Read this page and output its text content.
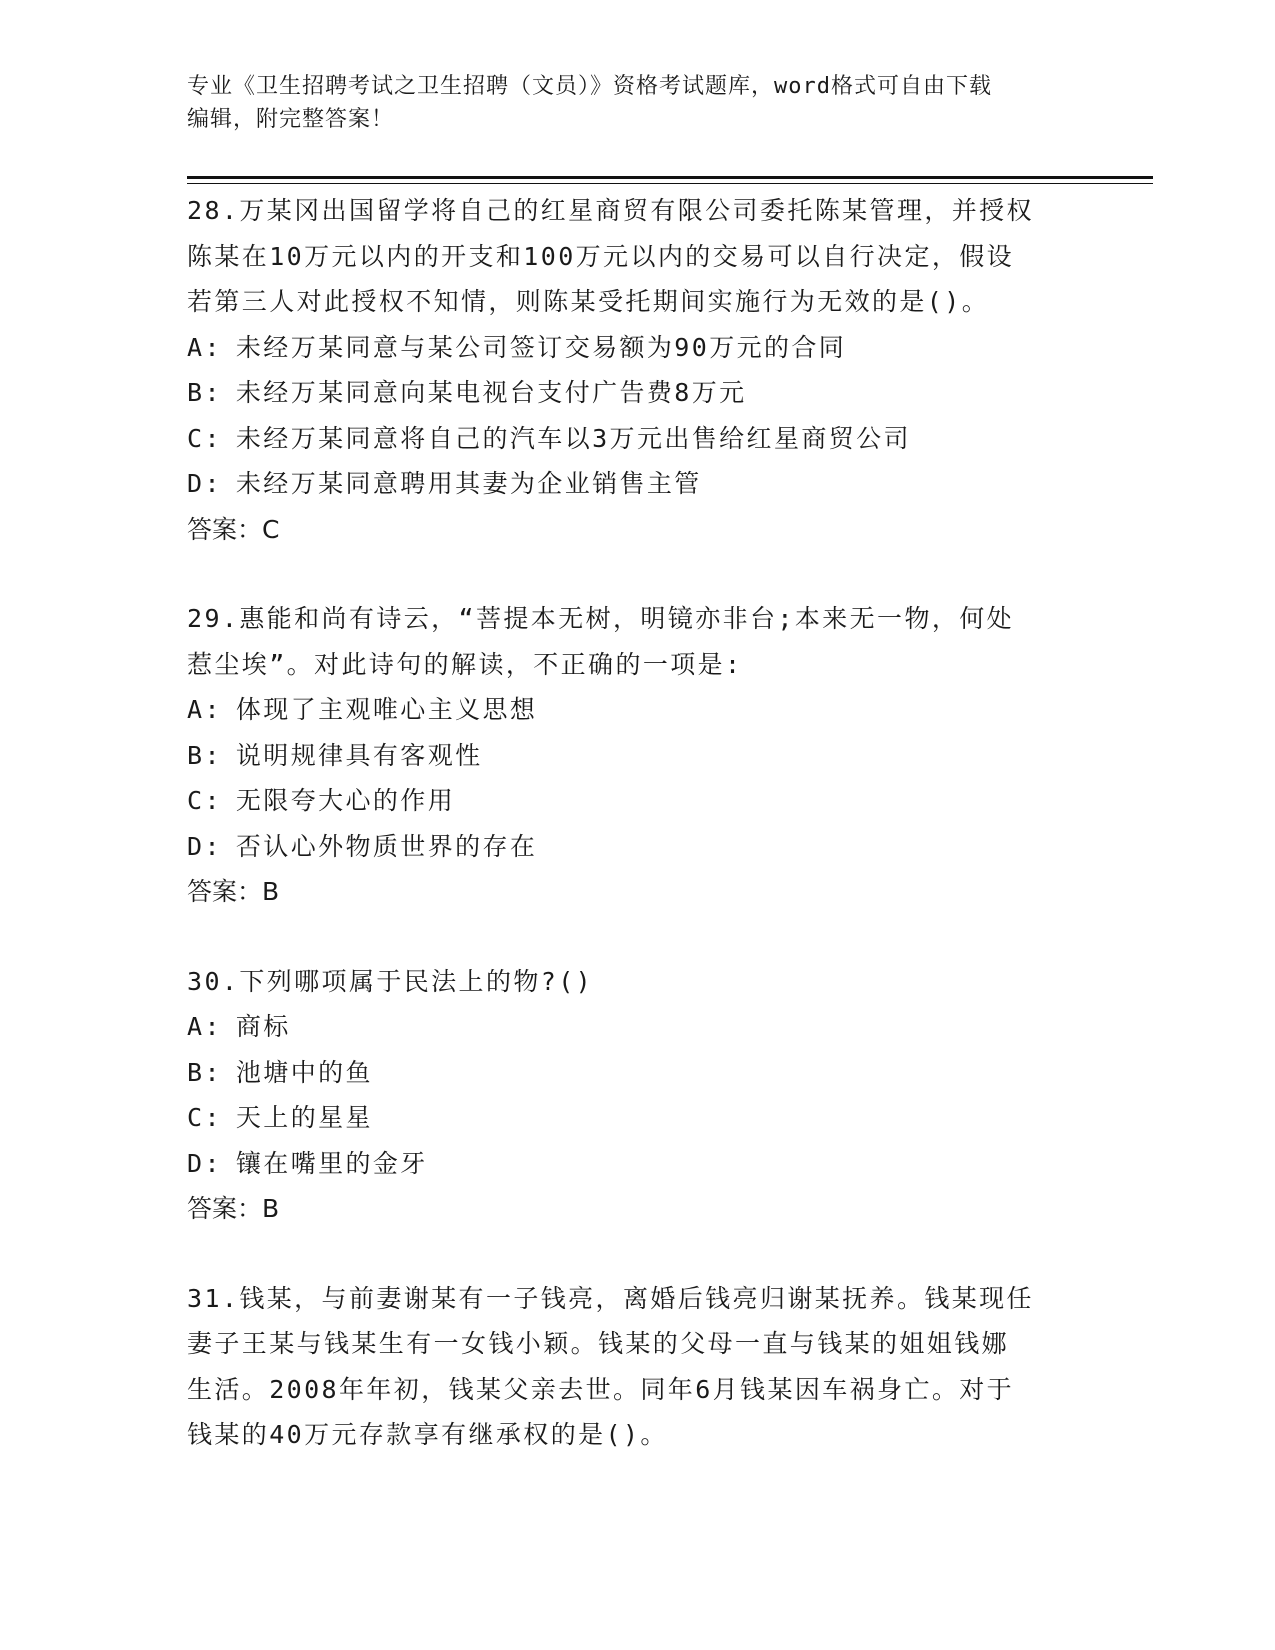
专业《卫生招聘考试之卫生招聘（文员）》资格考试题库，word格式可自由下载
编辑，附完整答案！
28.万某冈出国留学将自己的红星商贸有限公司委托陈某管理，并授权
陈某在10万元以内的开支和100万元以内的交易可以自行决定，假设
若第三人对此授权不知情，则陈某受托期间实施行为无效的是()。
A: 未经万某同意与某公司签订交易额为90万元的合同
B: 未经万某同意向某电视台支付广告费8万元
C: 未经万某同意将自己的汽车以3万元出售给红星商贸公司
D: 未经万某同意聘用其妻为企业销售主管
答案：C
29.惠能和尚有诗云，“菩提本无树，明镜亦非台;本来无一物，何处
惹尘埃”。对此诗句的解读，不正确的一项是:
A: 体现了主观唯心主义思想
B: 说明规律具有客观性
C: 无限夸大心的作用
D: 否认心外物质世界的存在
答案：B
30.下列哪项属于民法上的物?()
A: 商标
B: 池塘中的鱼
C: 天上的星星
D: 镶在嘴里的金牙
答案：B
31.钱某，与前妻谢某有一子钱亮，离婚后钱亮归谢某抚养。钱某现任
妻子王某与钱某生有一女钱小颖。钱某的父母一直与钱某的姐姐钱娜
生活。2008年年初，钱某父亲去世。同年6月钱某因车祸身亡。对于
钱某的40万元存款享有继承权的是()。
